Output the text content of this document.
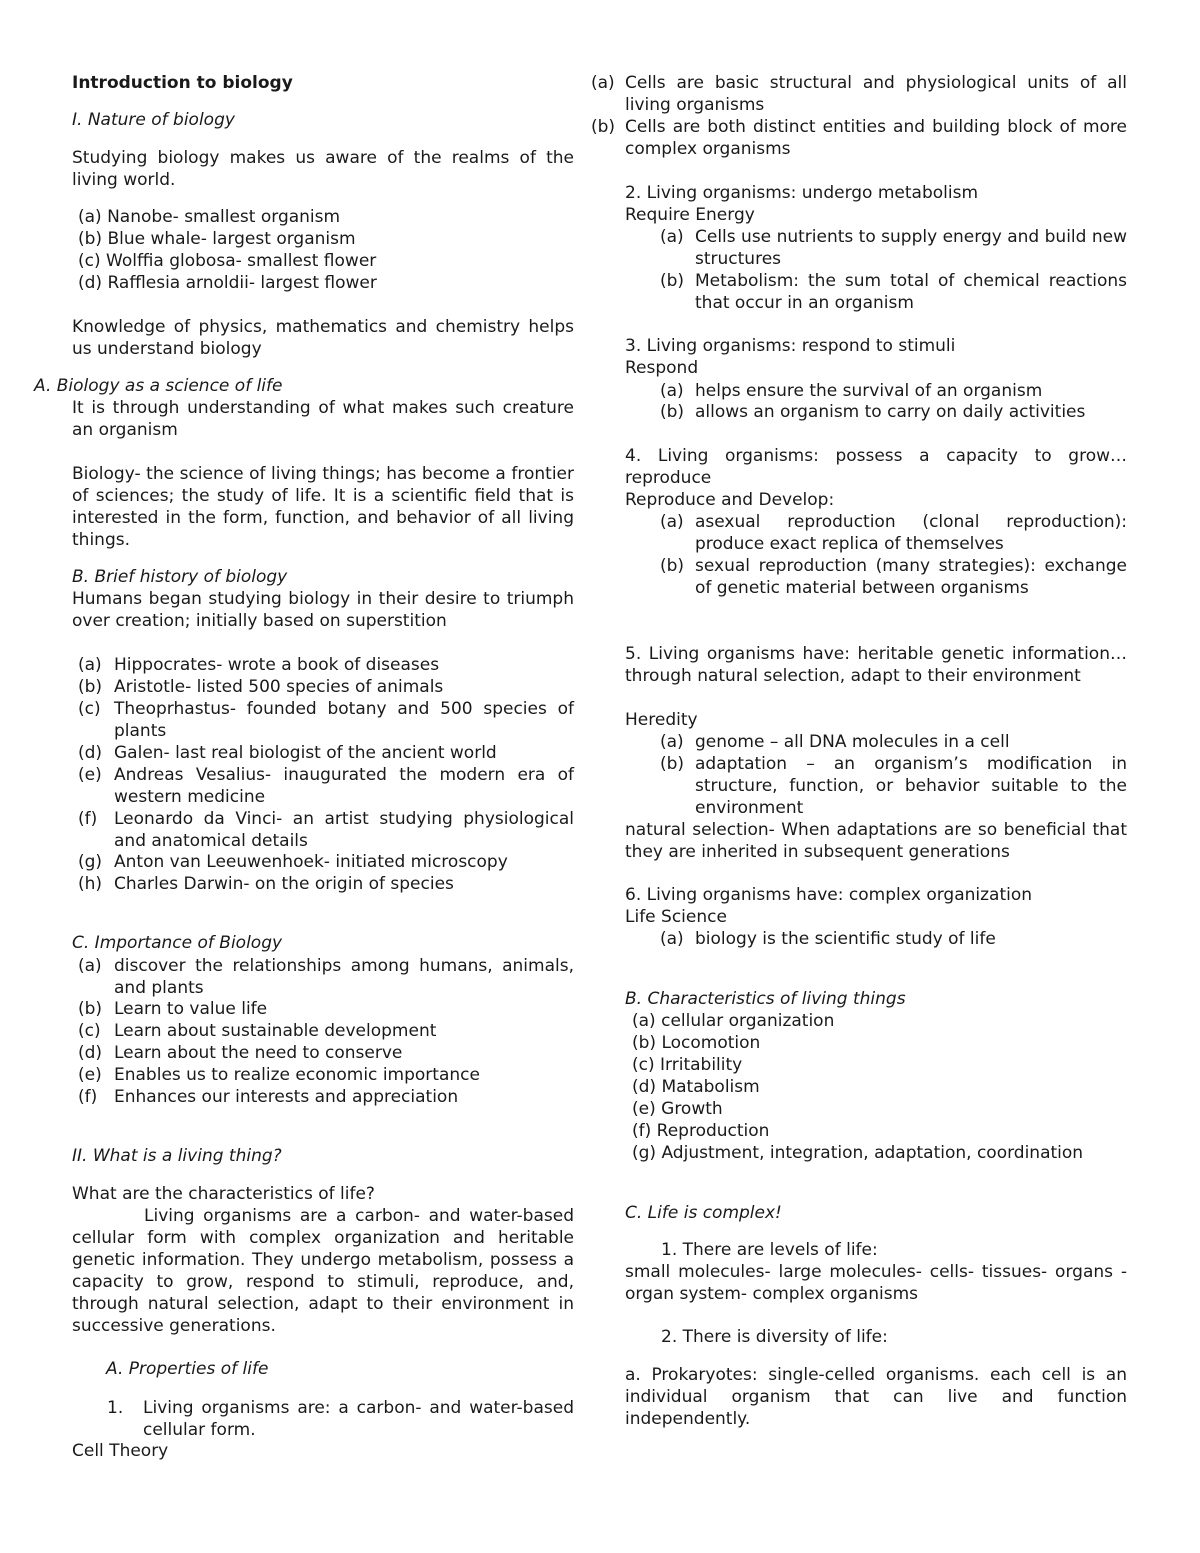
Introduction to biology
I. Nature of biology
Studying biology makes us aware of the realms of the living world.
(a) Nanobe- smallest organism
(b) Blue whale- largest organism
(c) Wolffia globosa- smallest flower
(d) Rafflesia arnoldii- largest flower
Knowledge of physics, mathematics and chemistry helps us understand biology
A. Biology as a science of life
It is through understanding of what makes such creature an organism
Biology- the science of living things; has become a frontier of sciences; the study of life. It is a scientific field that is interested in the form, function, and behavior of all living things.
B. Brief history of biology
Humans began studying biology in their desire to triumph over creation; initially based on superstition
(a) Hippocrates- wrote a book of diseases
(b) Aristotle- listed 500 species of animals
(c) Theoprhastus- founded botany and 500 species of plants
(d) Galen- last real biologist of the ancient world
(e) Andreas Vesalius- inaugurated the modern era of western medicine
(f) Leonardo da Vinci- an artist studying physiological and anatomical details
(g) Anton van Leeuwenhoek- initiated microscopy
(h) Charles Darwin- on the origin of species
C. Importance of Biology
(a) discover the relationships among humans, animals, and plants
(b) Learn to value life
(c) Learn about sustainable development
(d) Learn about the need to conserve
(e) Enables us to realize economic importance
(f) Enhances our interests and appreciation
II. What is a living thing?
What are the characteristics of life?
Living organisms are a carbon- and water-based cellular form with complex organization and heritable genetic information. They undergo metabolism, possess a capacity to grow, respond to stimuli, reproduce, and, through natural selection, adapt to their environment in successive generations.
A. Properties of life
1. Living organisms are: a carbon- and water-based cellular form.
Cell Theory
(a) Cells are basic structural and physiological units of all living organisms
(b) Cells are both distinct entities and building block of more complex organisms
2. Living organisms: undergo metabolism
Require Energy
(a) Cells use nutrients to supply energy and build new structures
(b) Metabolism: the sum total of chemical reactions that occur in an organism
3. Living organisms: respond to stimuli
Respond
(a) helps ensure the survival of an organism
(b) allows an organism to carry on daily activities
4. Living organisms: possess a capacity to grow… reproduce
Reproduce and Develop:
(a) asexual reproduction (clonal reproduction): produce exact replica of themselves
(b) sexual reproduction (many strategies): exchange of genetic material between organisms
5. Living organisms have: heritable genetic information… through natural selection, adapt to their environment
Heredity
(a) genome – all DNA molecules in a cell
(b) adaptation – an organism’s modification in structure, function, or behavior suitable to the environment
natural selection- When adaptations are so beneficial that they are inherited in subsequent generations
6. Living organisms have: complex organization
Life Science
(a) biology is the scientific study of life
B. Characteristics of living things
(a) cellular organization
(b) Locomotion
(c) Irritability
(d) Matabolism
(e) Growth
(f) Reproduction
(g) Adjustment, integration, adaptation, coordination
C. Life is complex!
1. There are levels of life:
small molecules- large molecules- cells- tissues- organs - organ system- complex organisms
2. There is diversity of life:
a. Prokaryotes: single-celled organisms. each cell is an individual organism that can live and function independently.
